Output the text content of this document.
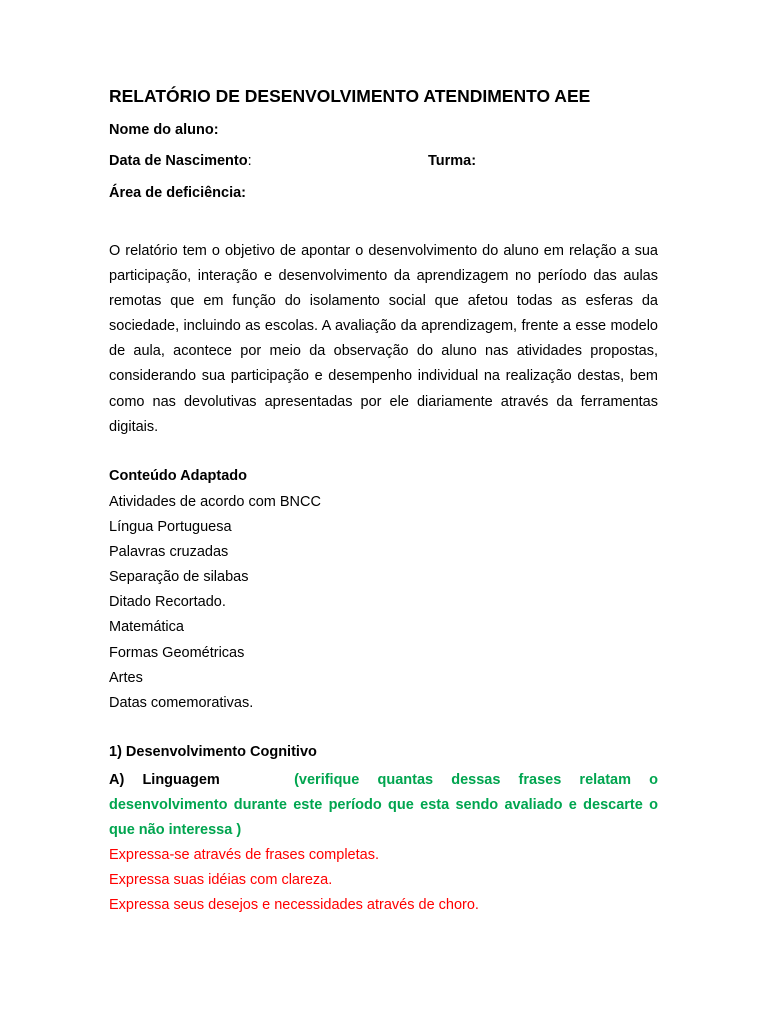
RELATÓRIO DE DESENVOLVIMENTO ATENDIMENTO AEE
Nome do aluno:
Data de Nascimento:	Turma:
Área de deficiência:
O relatório tem o objetivo de apontar o desenvolvimento do aluno em relação a sua participação, interação e desenvolvimento da aprendizagem no período das aulas remotas que em função do isolamento social que afetou todas as esferas da sociedade, incluindo as escolas. A avaliação da aprendizagem, frente a esse modelo de aula, acontece por meio da observação do aluno nas atividades propostas, considerando sua participação e desempenho individual na realização destas, bem como nas devolutivas apresentadas por ele diariamente através da ferramentas digitais.
Conteúdo Adaptado
Atividades de acordo com BNCC
Língua Portuguesa
Palavras cruzadas
Separação de silabas
Ditado Recortado.
Matemática
Formas Geométricas
Artes
Datas comemorativas.
1) Desenvolvimento Cognitivo
A) Linguagem	(verifique quantas dessas frases relatam o desenvolvimento durante este período que esta sendo avaliado e descarte o que não interessa )
Expressa-se através de frases completas.
Expressa suas idéias com clareza.
Expressa seus desejos e necessidades através de choro.
